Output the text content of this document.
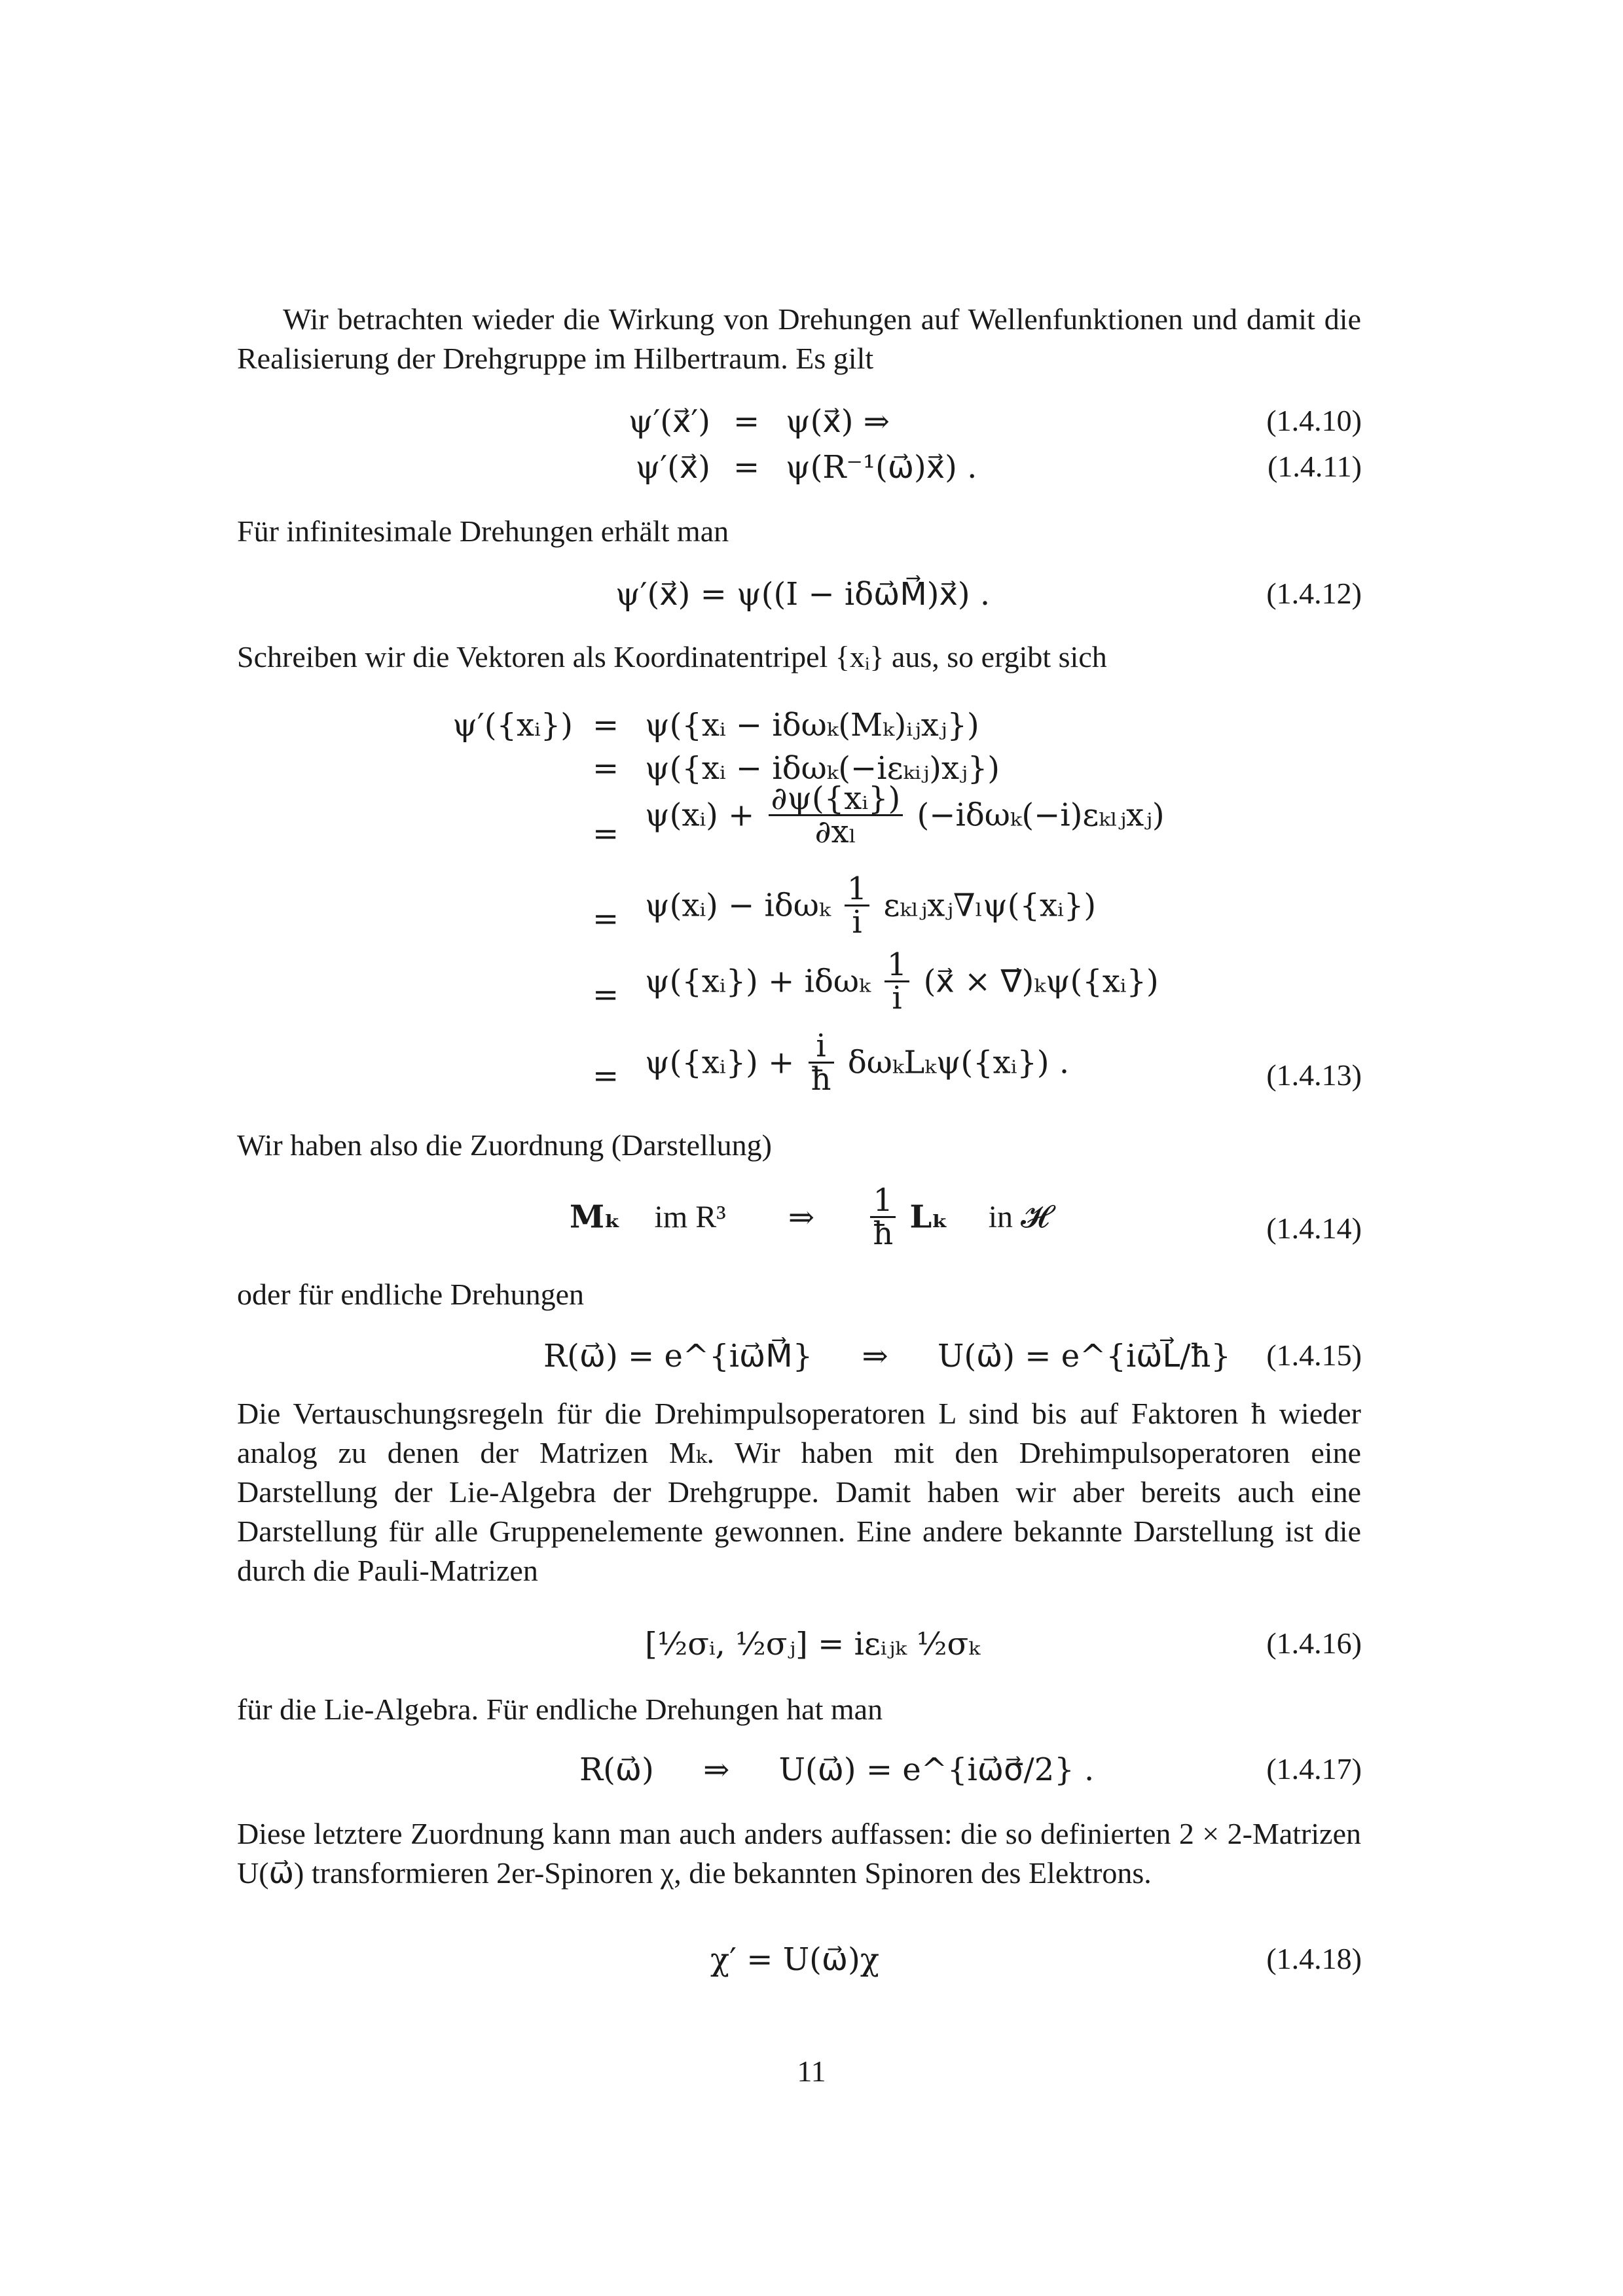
Wir betrachten wieder die Wirkung von Drehungen auf Wellenfunktionen und damit die Realisierung der Drehgruppe im Hilbertraum. Es gilt

ψ′(x⃗′) = ψ(x⃗) ⇒	(1.4.10)
ψ′(x⃗) = ψ(R⁻¹(ω⃗)x⃗) .	(1.4.11)

Für infinitesimale Drehungen erhält man

ψ′(x⃗) = ψ((I − iδω⃗M⃗)x⃗) .	(1.4.12)

Schreiben wir die Vektoren als Koordinatentripel {xᵢ} aus, so ergibt sich

ψ′({xᵢ}) = ψ({xᵢ − iδωₖ(Mₖ)ᵢⱼxⱼ})
= ψ({xᵢ − iδωₖ(−iεₖᵢⱼ)xⱼ})
=
ψ(xᵢ) + $\frac{\text{∂ψ(\{xᵢ\})}}{\text{∂xₗ}}$ (−iδωₖ(−i)εₖₗⱼxⱼ)
= ψ(xᵢ) − iδωₖ $\frac{1}{i}$ εₖₗⱼxⱼ∇ₗψ({xᵢ})
= ψ({xᵢ}) + iδωₖ $\frac{1}{i}$ (x⃗ × ∇⃗)ₖψ({xᵢ})
= ψ({xᵢ}) + $\frac{i}{ħ}$ δωₖLₖψ({xᵢ}) .	(1.4.13)

Wir haben also die Zuordnung (Darstellung)

Mₖ im R³ ⇒ $\frac{1}{ħ}$ Lₖ in 𝓗	(1.4.14)

oder für endliche Drehungen

R(ω⃗) = e^{iω⃗M⃗} ⇒ U(ω⃗) = e^{iω⃗L⃗/ħ}	(1.4.15)

Die Vertauschungsregeln für die Drehimpulsoperatoren L sind bis auf Faktoren ħ wieder analog zu denen der Matrizen Mₖ. Wir haben mit den Drehimpulsoperatoren eine Darstellung der Lie-Algebra der Drehgruppe. Damit haben wir aber bereits auch eine Darstellung für alle Gruppenelemente gewonnen. Eine andere bekannte Darstellung ist die durch die Pauli-Matrizen

[½σᵢ, ½σⱼ] = iεᵢⱼₖ ½σₖ	(1.4.16)

für die Lie-Algebra. Für endliche Drehungen hat man

R(ω⃗) ⇒ U(ω⃗) = e^{iω⃗σ⃗/2} .	(1.4.17)

Diese letztere Zuordnung kann man auch anders auffassen: die so definierten 2 × 2-Matrizen U(ω⃗) transformieren 2er-Spinoren χ, die bekannten Spinoren des Elektrons.

χ′ = U(ω⃗)χ	(1.4.18)
11
